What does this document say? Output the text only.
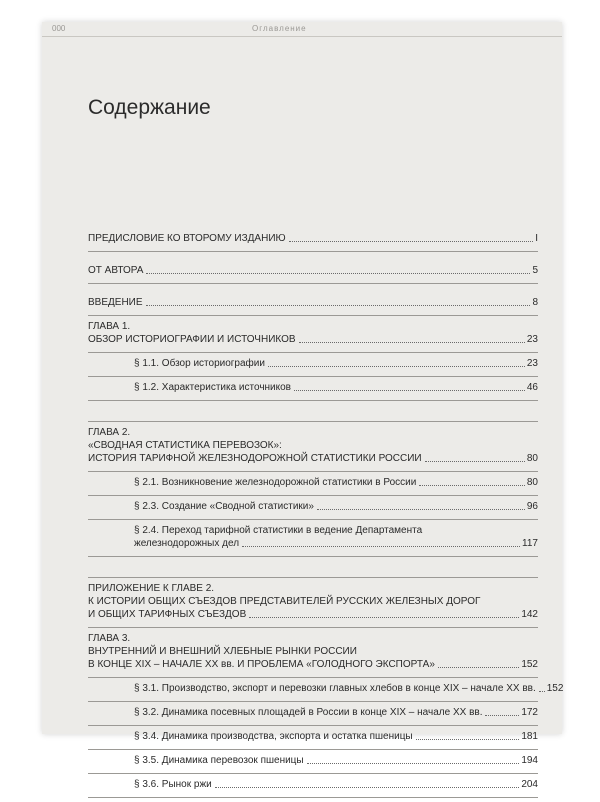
000	Оглавление

Содержание
ПРЕДИСЛОВИЕ КО ВТОРОМУ ИЗДАНИЮ	I
ОТ АВТОРА	5
ВВЕДЕНИЕ	8
ГЛАВА 1.
ОБЗОР ИСТОРИОГРАФИИ И ИСТОЧНИКОВ	23
§ 1.1. Обзор историографии	23
§ 1.2. Характеристика источников	46
ГЛАВА 2.
«СВОДНАЯ СТАТИСТИКА ПЕРЕВОЗОК»:
ИСТОРИЯ ТАРИФНОЙ ЖЕЛЕЗНОДОРОЖНОЙ СТАТИСТИКИ РОССИИ	80
§ 2.1. Возникновение железнодорожной статистики в России	80
§ 2.3. Создание «Сводной статистики»	96
§ 2.4. Переход тарифной статистики в ведение Департамента
железнодорожных дел	117
ПРИЛОЖЕНИЕ К ГЛАВЕ 2.
К ИСТОРИИ ОБЩИХ СЪЕЗДОВ ПРЕДСТАВИТЕЛЕЙ РУССКИХ ЖЕЛЕЗНЫХ ДОРОГ
И ОБЩИХ ТАРИФНЫХ СЪЕЗДОВ	142
ГЛАВА 3.
ВНУТРЕННИЙ И ВНЕШНИЙ ХЛЕБНЫЕ РЫНКИ РОССИИ
В КОНЦЕ XIX – НАЧАЛЕ XX вв. И ПРОБЛЕМА «ГОЛОДНОГО ЭКСПОРТА»	152
§ 3.1. Производство, экспорт и перевозки главных хлебов в конце XIX – начале XX вв. 152
§ 3.2. Динамика посевных площадей в России в конце XIX – начале XX вв.	172
§ 3.4. Динамика производства, экспорта и остатка пшеницы	181
§ 3.5. Динамика перевозок пшеницы	194
§ 3.6. Рынок ржи	204
